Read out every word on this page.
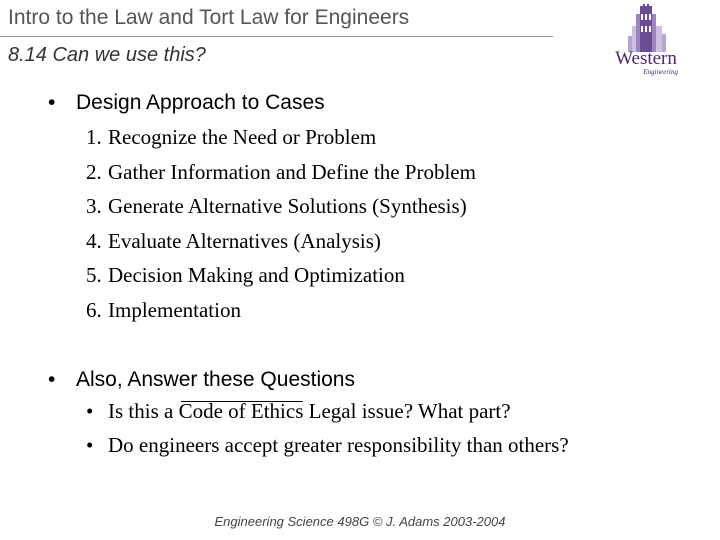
Intro to the Law and Tort Law for Engineers
8.14 Can we use this?	Western
Engineering
• Design Approach to Cases
1. Recognize the Need or Problem
2. Gather Information and Define the Problem
3. Generate Alternative Solutions (Synthesis)
4. Evaluate Alternatives (Analysis)
5. Decision Making and Optimization
6. Implementation
• Also, Answer these Questions
• Is this a Code of Ethics Legal issue? What part?
• Do engineers accept greater responsibility than others?
Engineering Science 498G © J. Adams 2003-2004
